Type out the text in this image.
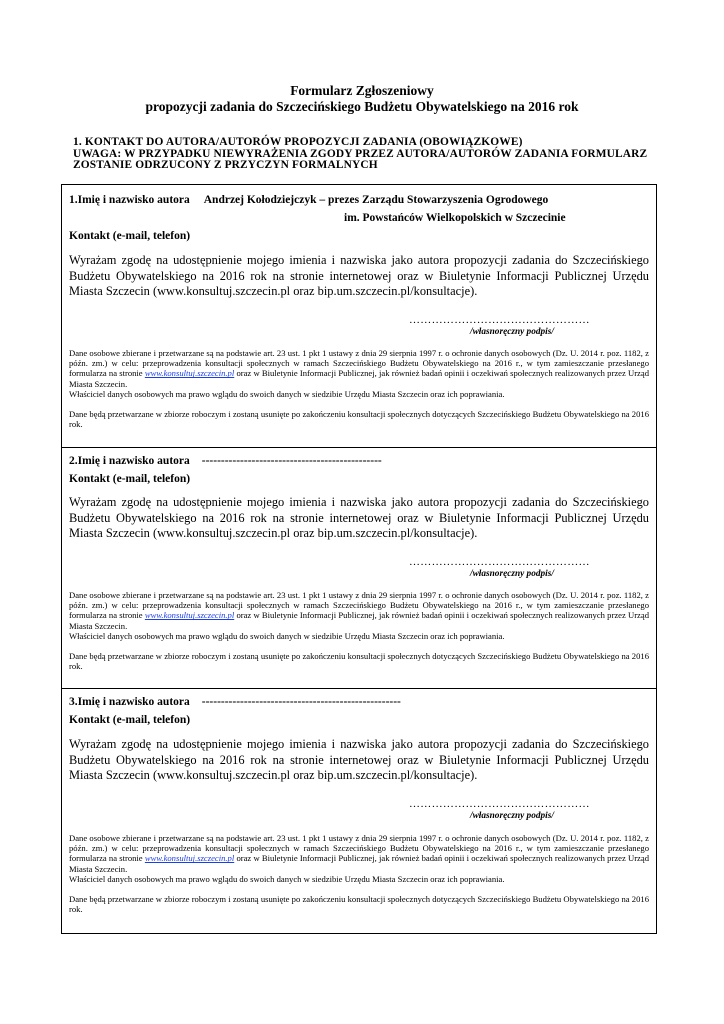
Formularz Zgłoszeniowy
propozycji zadania do Szczecińskiego Budżetu Obywatelskiego na 2016 rok
1. KONTAKT DO AUTORA/AUTORÓW PROPOZYCJI ZADANIA (OBOWIĄZKOWE)
UWAGA: W PRZYPADKU NIEWYRAŻENIA ZGODY PRZEZ AUTORA/AUTORÓW ZADANIA FORMULARZ
ZOSTANIE ODRZUCONY Z PRZYCZYN FORMALNYCH
1.Imię i nazwisko autora Andrzej Kołodziejczyk – prezes Zarządu Stowarzyszenia Ogrodowego
im. Powstańców Wielkopolskich w Szczecinie
Kontakt (e-mail, telefon)
Wyrażam zgodę na udostępnienie mojego imienia i nazwiska jako autora propozycji zadania do Szczecińskiego Budżetu Obywatelskiego na 2016 rok na stronie internetowej oraz w Biuletynie Informacji Publicznej Urzędu Miasta Szczecin (www.konsultuj.szczecin.pl oraz bip.um.szczecin.pl/konsultacje).
…………………………………………
/własnoręczny podpis/

Dane osobowe zbierane i przetwarzane są na podstawie art. 23 ust. 1 pkt 1 ustawy z dnia 29 sierpnia 1997 r. o ochronie danych osobowych (Dz. U. 2014 r. poz. 1182, z późn. zm.) w celu: przeprowadzenia konsultacji społecznych w ramach Szczecińskiego Budżetu Obywatelskiego na 2016 r., w tym zamieszczanie przesłanego formularza na stronie www.konsultuj.szczecin.pl oraz w Biuletynie Informacji Publicznej, jak również badań opinii i oczekiwań społecznych realizowanych przez Urząd Miasta Szczecin.

Właściciel danych osobowych ma prawo wglądu do swoich danych w siedzibie Urzędu Miasta Szczecin oraz ich poprawiania.

Dane będą przetwarzane w zbiorze roboczym i zostaną usunięte po zakończeniu konsultacji społecznych dotyczących Szczecińskiego Budżetu Obywatelskiego na 2016 rok.

2.Imię i nazwisko autora -----------------------------------------------
Kontakt (e-mail, telefon)
Wyrażam zgodę na udostępnienie mojego imienia i nazwiska jako autora propozycji zadania do Szczecińskiego Budżetu Obywatelskiego na 2016 rok na stronie internetowej oraz w Biuletynie Informacji Publicznej Urzędu Miasta Szczecin (www.konsultuj.szczecin.pl oraz bip.um.szczecin.pl/konsultacje).
…………………………………………
/własnoręczny podpis/

Dane osobowe zbierane i przetwarzane są na podstawie art. 23 ust. 1 pkt 1 ustawy z dnia 29 sierpnia 1997 r. o ochronie danych osobowych (Dz. U. 2014 r. poz. 1182, z późn. zm.) w celu: przeprowadzenia konsultacji społecznych w ramach Szczecińskiego Budżetu Obywatelskiego na 2016 r., w tym zamieszczanie przesłanego formularza na stronie www.konsultuj.szczecin.pl oraz w Biuletynie Informacji Publicznej, jak również badań opinii i oczekiwań społecznych realizowanych przez Urząd Miasta Szczecin.

Właściciel danych osobowych ma prawo wglądu do swoich danych w siedzibie Urzędu Miasta Szczecin oraz ich poprawiania.

Dane będą przetwarzane w zbiorze roboczym i zostaną usunięte po zakończeniu konsultacji społecznych dotyczących Szczecińskiego Budżetu Obywatelskiego na 2016 rok.

3.Imię i nazwisko autora ----------------------------------------------------
Kontakt (e-mail, telefon)
Wyrażam zgodę na udostępnienie mojego imienia i nazwiska jako autora propozycji zadania do Szczecińskiego Budżetu Obywatelskiego na 2016 rok na stronie internetowej oraz w Biuletynie Informacji Publicznej Urzędu Miasta Szczecin (www.konsultuj.szczecin.pl oraz bip.um.szczecin.pl/konsultacje).
…………………………………………
/własnoręczny podpis/

Dane osobowe zbierane i przetwarzane są na podstawie art. 23 ust. 1 pkt 1 ustawy z dnia 29 sierpnia 1997 r. o ochronie danych osobowych (Dz. U. 2014 r. poz. 1182, z późn. zm.) w celu: przeprowadzenia konsultacji społecznych w ramach Szczecińskiego Budżetu Obywatelskiego na 2016 r., w tym zamieszczanie przesłanego formularza na stronie www.konsultuj.szczecin.pl oraz w Biuletynie Informacji Publicznej, jak również badań opinii i oczekiwań społecznych realizowanych przez Urząd Miasta Szczecin.

Właściciel danych osobowych ma prawo wglądu do swoich danych w siedzibie Urzędu Miasta Szczecin oraz ich poprawiania.

Dane będą przetwarzane w zbiorze roboczym i zostaną usunięte po zakończeniu konsultacji społecznych dotyczących Szczecińskiego Budżetu Obywatelskiego na 2016 rok.
